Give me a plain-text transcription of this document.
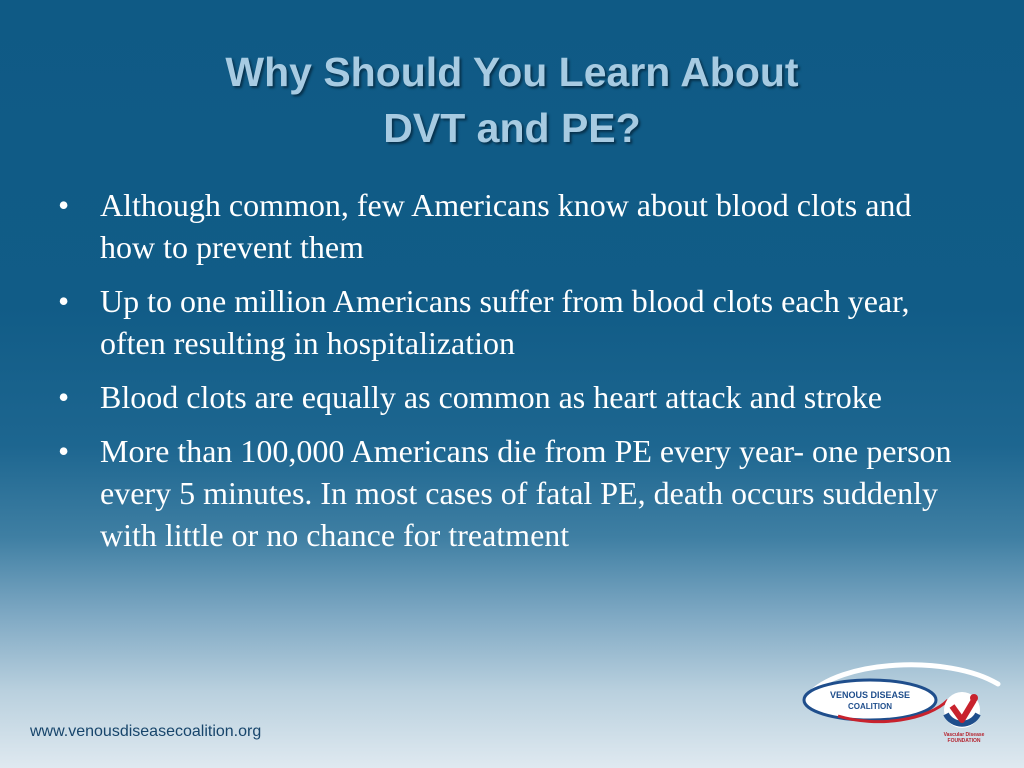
Why Should You Learn About
DVT and PE?
• Although common, few Americans know about blood clots and how to prevent them
• Up to one million Americans suffer from blood clots each year, often resulting in hospitalization
• Blood clots are equally as common as heart attack and stroke
• More than 100,000 Americans die from PE every year- one person every 5 minutes. In most cases of fatal PE, death occurs suddenly with little or no chance for treatment
www.venousdiseasecoalition.org
VENOUS DISEASE
COALITION
Vascular Disease
FOUNDATION
